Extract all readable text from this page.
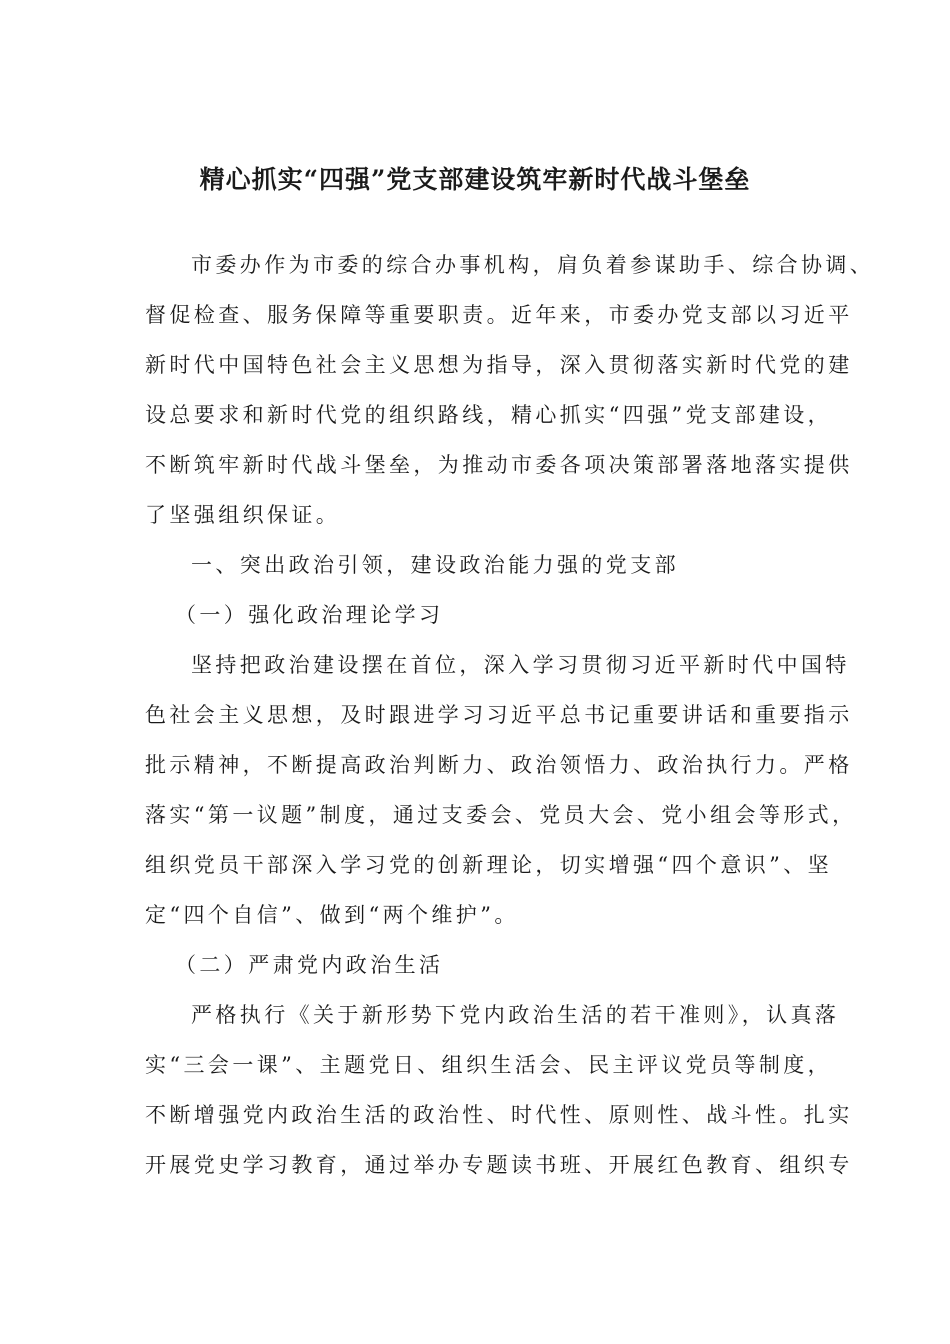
精心抓实“四强”党支部建设筑牢新时代战斗堡垒
市委办作为市委的综合办事机构，肩负着参谋助手、综合协调、
督促检查、服务保障等重要职责。近年来，市委办党支部以习近平
新时代中国特色社会主义思想为指导，深入贯彻落实新时代党的建
设总要求和新时代党的组织路线，精心抓实“四强”党支部建设，
不断筑牢新时代战斗堡垒，为推动市委各项决策部署落地落实提供
了坚强组织保证。
一、突出政治引领，建设政治能力强的党支部
（一）强化政治理论学习
坚持把政治建设摆在首位，深入学习贯彻习近平新时代中国特
色社会主义思想，及时跟进学习习近平总书记重要讲话和重要指示
批示精神，不断提高政治判断力、政治领悟力、政治执行力。严格
落实“第一议题”制度，通过支委会、党员大会、党小组会等形式，
组织党员干部深入学习党的创新理论，切实增强“四个意识”、坚
定“四个自信”、做到“两个维护”。
（二）严肃党内政治生活
严格执行《关于新形势下党内政治生活的若干准则》，认真落
实“三会一课”、主题党日、组织生活会、民主评议党员等制度，
不断增强党内政治生活的政治性、时代性、原则性、战斗性。扎实
开展党史学习教育，通过举办专题读书班、开展红色教育、组织专
